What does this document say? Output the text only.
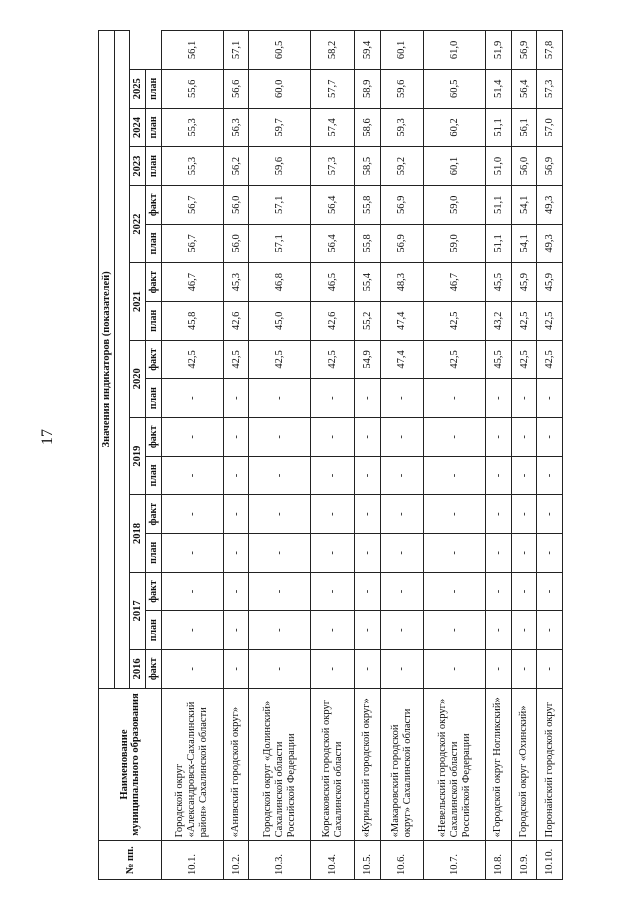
17
№ пп.	Наименование муниципального образования	Значения индикаторов (показателей)																

		2016	2017		2018		2019		2020		2021		2022		2023	2024	2025	
		факт	план	факт	план	факт	план	факт	план	факт	план	факт	план	факт	план	план	план	
10.1.	Городской округ «Александровск-Сахалинский район» Сахалинской области	-	-	-	-	-	-	-	-	42,5	45,8	46,7	56,7	56,7	55,3	55,3	55,6	56,1
10.2.	«Анивский городской округ»	-	-	-	-	-	-	-	-	42,5	42,6	45,3	56,0	56,0	56,2	56,3	56,6	57,1
10.3.	Городской округ «Долинский» Сахалинской области Российской Федерации	-	-	-	-	-	-	-	-	42,5	45,0	46,8	57,1	57,1	59,6	59,7	60,0	60,5
10.4.	Корсаковский городской округ Сахалинской области	-	-	-	-	-	-	-	-	42,5	42,6	46,5	56,4	56,4	57,3	57,4	57,7	58,2
10.5.	«Курильский городской округ»	-	-	-	-	-	-	-	-	54,9	55,2	55,4	55,8	55,8	58,5	58,6	58,9	59,4
10.6.	«Макаровский городской округ» Сахалинской области	-	-	-	-	-	-	-	-	47,4	47,4	48,3	56,9	56,9	59,2	59,3	59,6	60,1
10.7.	«Невельский городской округ» Сахалинской области Российской Федерации	-	-	-	-	-	-	-	-	42,5	42,5	46,7	59,0	59,0	60,1	60,2	60,5	61,0
10.8.	«Городской округ Ногликский»	-	-	-	-	-	-	-	-	45,5	43,2	45,5	51,1	51,1	51,0	51,1	51,4	51,9
10.9.	Городской округ «Охинский»	-	-	-	-	-	-	-	-	42,5	42,5	45,9	54,1	54,1	56,0	56,1	56,4	56,9
10.10.	Поронайский городской округ	-	-	-	-	-	-	-	-	42,5	42,5	45,9	49,3	49,3	56,9	57,0	57,3	57,8
